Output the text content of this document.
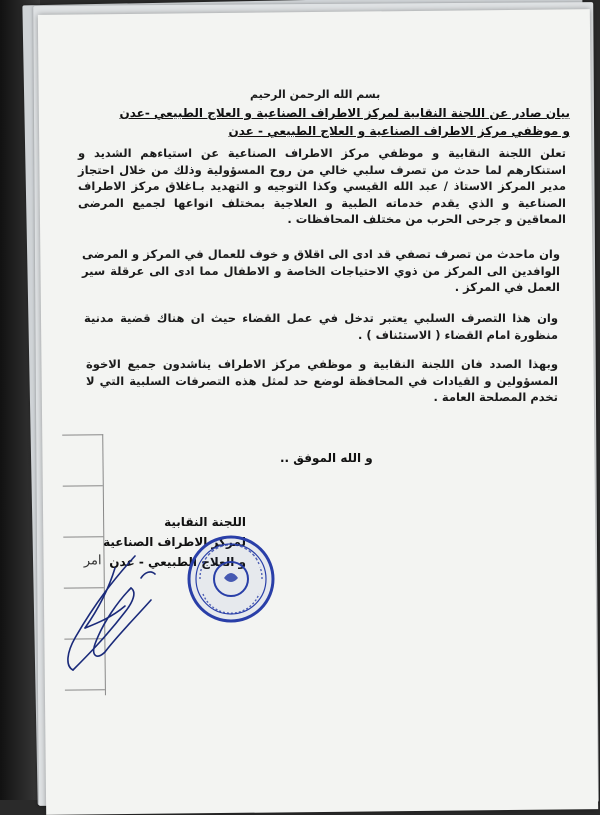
امر
بسم الله الرحمن الرحيم
بيان صادر عن اللجنة النقابية لمركز الاطراف الصناعية و العلاج الطبيعي -عدن
و موظفي مركز الاطراف الصناعية و العلاج الطبيعي - عدن
تعلن اللجنة النقابية و موظفي مركز الاطراف الصناعية عن استياءهم الشديد و استنكارهم لما حدث من تصرف سلبي خالي من روح المسؤولية وذلك من خلال احتجاز مدير المركز الاستاذ / عبد الله القيسي وكذا التوجيه و التهديد بـاغلاق مركز الاطراف الصناعية و الذي يقدم خدماته الطبية و العلاجية بمختلف انواعها لجميع المرضى المعاقين و جرحى الحرب من مختلف المحافظات .
وان ماحدث من تصرف تصفي قد ادى الى اقلاق و خوف للعمال في المركز و المرضى الوافدين الى المركز من ذوي الاحتياجات الخاصة و الاطفال مما ادى الى عرقلة سير العمل في المركز .
وان هذا التصرف السلبي يعتبر تدخل في عمل القضاء حيث ان هناك قضية مدنية منظورة امام القضاء ( الاستئناف ) .
وبهذا الصدد فان اللجنة النقابية و موظفي مركز الاطراف يناشدون جميع الاخوة المسؤولين و القيادات في المحافظة لوضع حد لمثل هذه التصرفات السلبية التي لا تخدم المصلحة العامة .
و الله الموفق ..
اللجنة النقابية
لمركز الاطراف الصناعية
و العلاج الطبيعي - عدن
